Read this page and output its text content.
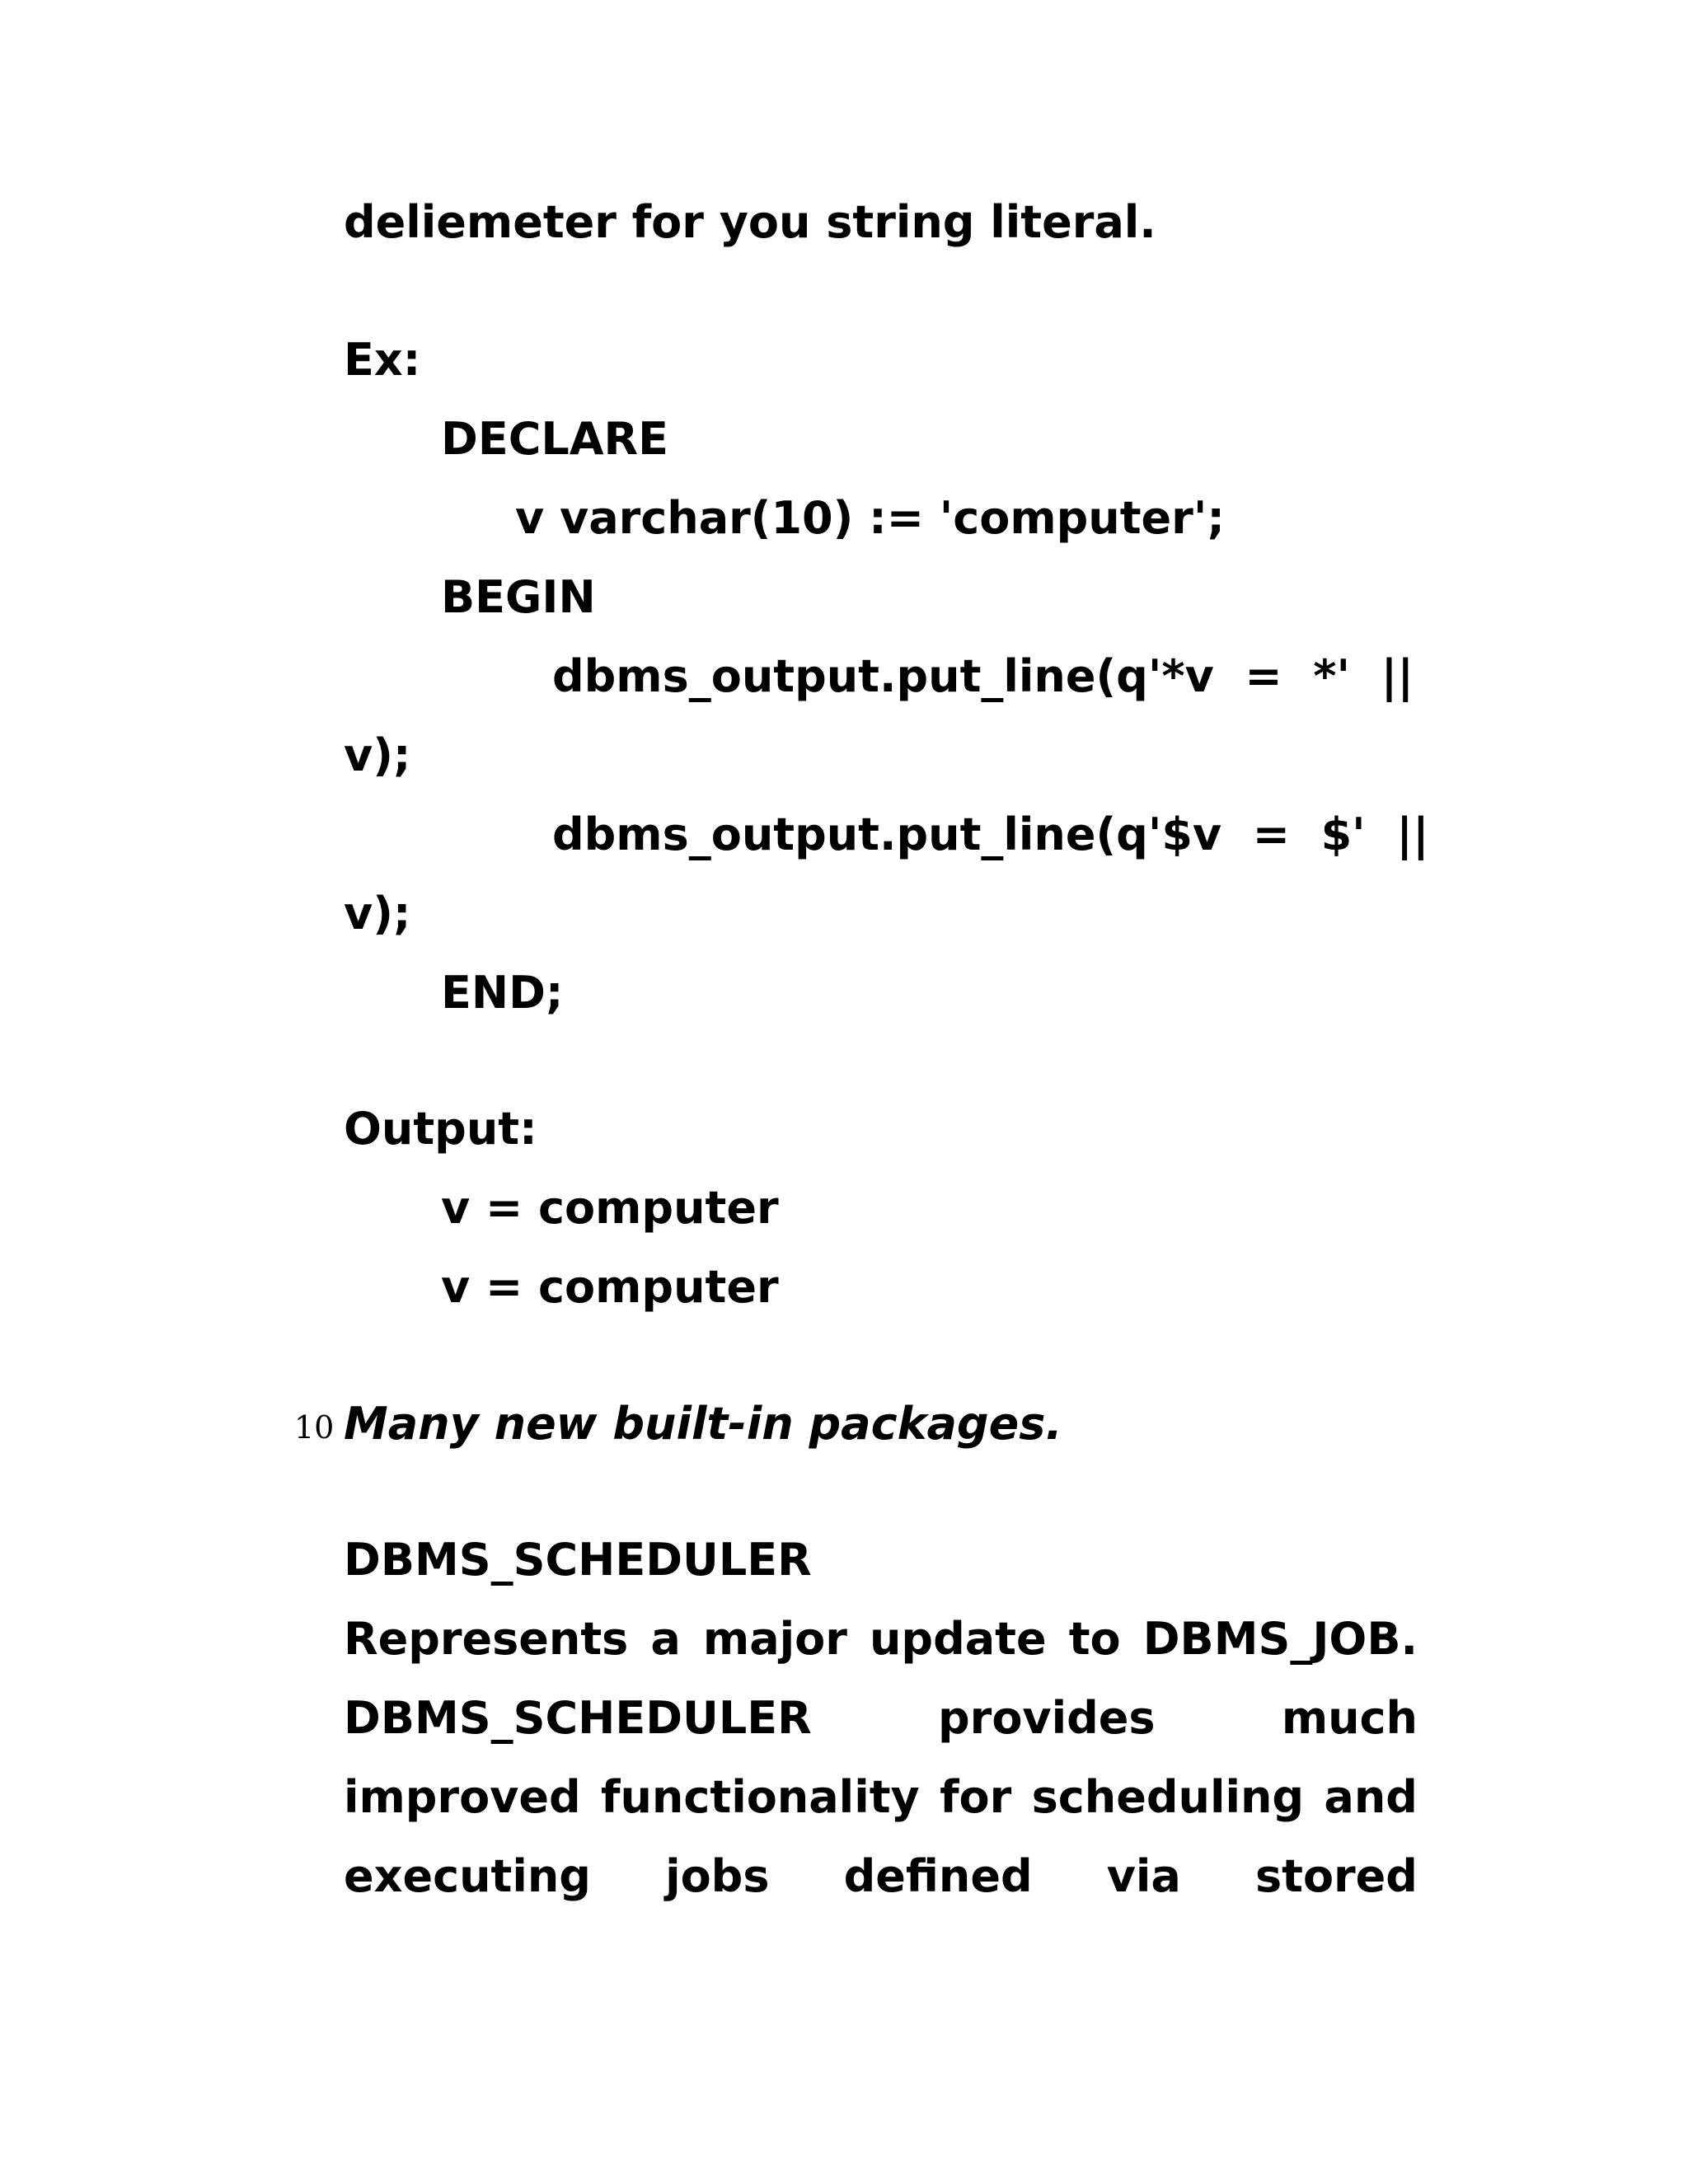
deliemeter for you string literal.
Ex:
DECLARE
v varchar(10) := 'computer';
BEGIN
dbms_output.put_line(q'*v  =  *'  ||
v);
dbms_output.put_line(q'$v  =  $'  ||
v);
END;
Output:
v = computer
v = computer
10 Many new built-in packages.
DBMS_SCHEDULER
Represents a major update to DBMS_JOB.
DBMS_SCHEDULER	provides	much
improved functionality for scheduling and
executing jobs defined via stored
